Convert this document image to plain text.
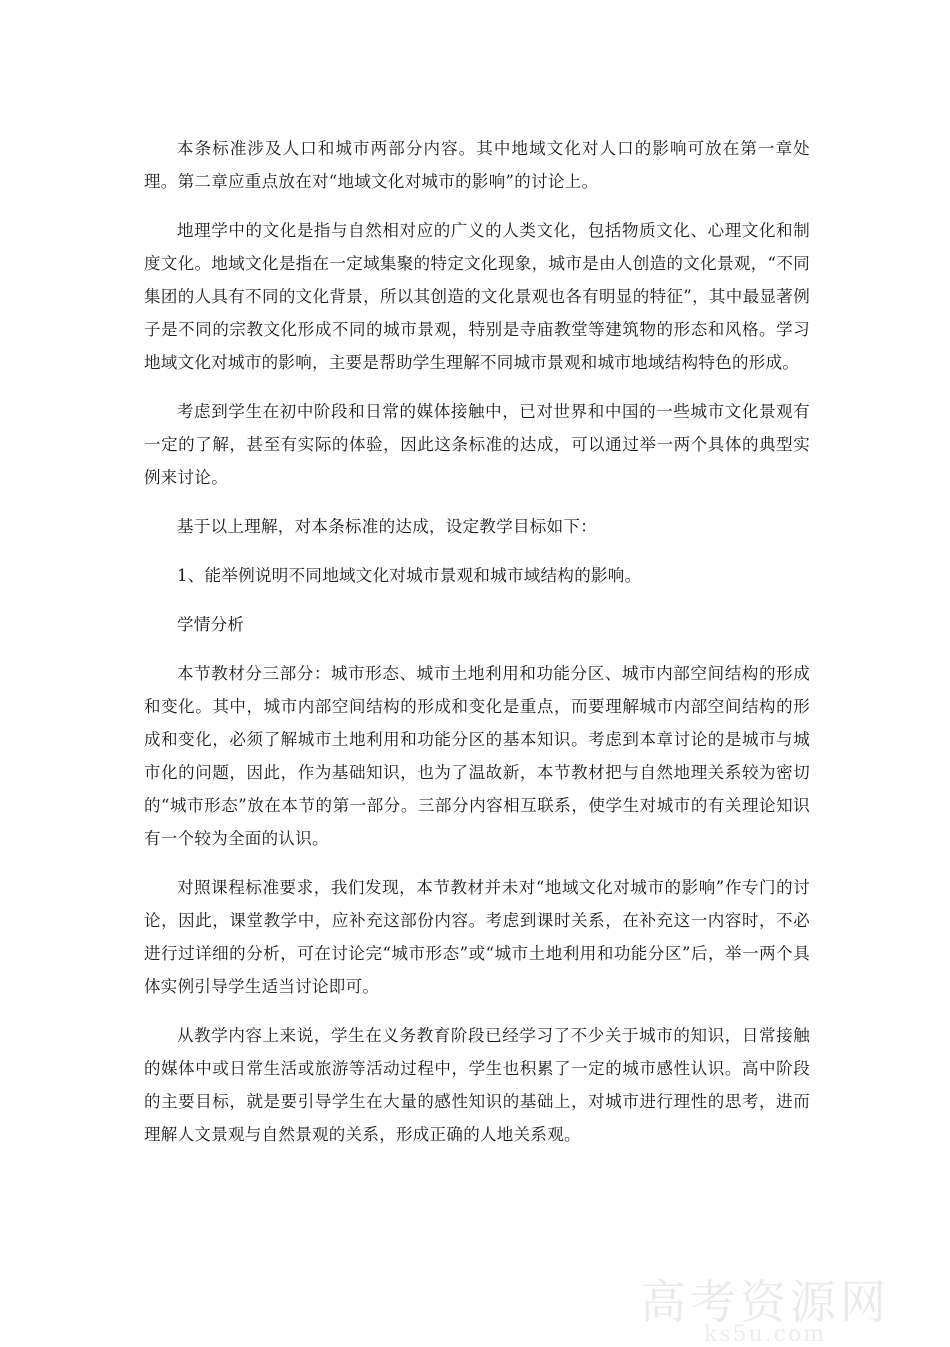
本条标准涉及人口和城市两部分内容。其中地域文化对人口的影响可放在第一章处理。第二章应重点放在对“地域文化对城市的影响”的讨论上。

地理学中的文化是指与自然相对应的广义的人类文化，包括物质文化、心理文化和制度文化。地域文化是指在一定域集聚的特定文化现象，城市是由人创造的文化景观，“不同集团的人具有不同的文化背景，所以其创造的文化景观也各有明显的特征”，其中最显著例子是不同的宗教文化形成不同的城市景观，特别是寺庙教堂等建筑物的形态和风格。学习地域文化对城市的影响，主要是帮助学生理解不同城市景观和城市地域结构特色的形成。

考虑到学生在初中阶段和日常的媒体接触中，已对世界和中国的一些城市文化景观有一定的了解，甚至有实际的体验，因此这条标准的达成，可以通过举一两个具体的典型实例来讨论。

基于以上理解，对本条标准的达成，设定教学目标如下：

1、能举例说明不同地域文化对城市景观和城市域结构的影响。

学情分析

本节教材分三部分：城市形态、城市土地利用和功能分区、城市内部空间结构的形成和变化。其中，城市内部空间结构的形成和变化是重点，而要理解城市内部空间结构的形成和变化，必须了解城市土地利用和功能分区的基本知识。考虑到本章讨论的是城市与城市化的问题，因此，作为基础知识，也为了温故新，本节教材把与自然地理关系较为密切的“城市形态”放在本节的第一部分。三部分内容相互联系，使学生对城市的有关理论知识有一个较为全面的认识。

对照课程标准要求，我们发现，本节教材并未对“地域文化对城市的影响”作专门的讨论，因此，课堂教学中，应补充这部份内容。考虑到课时关系，在补充这一内容时，不必进行过详细的分析，可在讨论完“城市形态”或“城市土地利用和功能分区”后，举一两个具体实例引导学生适当讨论即可。

从教学内容上来说，学生在义务教育阶段已经学习了不少关于城市的知识，日常接触的媒体中或日常生活或旅游等活动过程中，学生也积累了一定的城市感性认识。高中阶段的主要目标，就是要引导学生在大量的感性知识的基础上，对城市进行理性的思考，进而理解人文景观与自然景观的关系，形成正确的人地关系观。

高考资源网
ks5u.com
